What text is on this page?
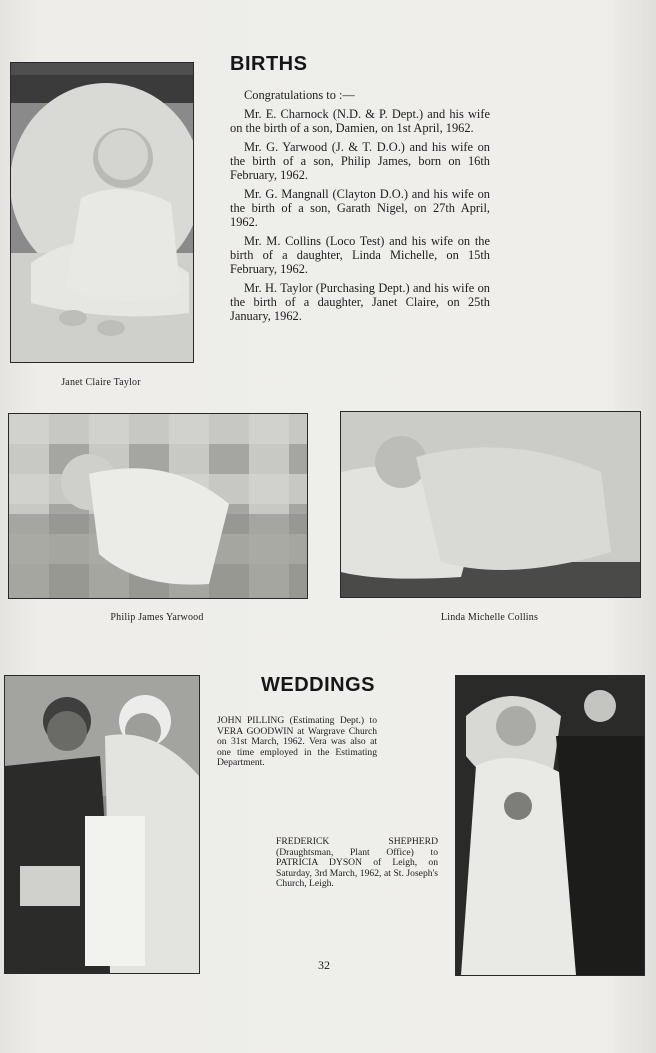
Janet Claire Taylor
BIRTHS

Congratulations to :—

Mr. E. Charnock (N.D. & P. Dept.) and his wife on the birth of a son, Damien, on 1st April, 1962.

Mr. G. Yarwood (J. & T. D.O.) and his wife on the birth of a son, Philip James, born on 16th February, 1962.

Mr. G. Mangnall (Clayton D.O.) and his wife on the birth of a son, Garath Nigel, on 27th April, 1962.

Mr. M. Collins (Loco Test) and his wife on the birth of a daughter, Linda Michelle, on 15th February, 1962.

Mr. H. Taylor (Purchasing Dept.) and his wife on the birth of a daughter, Janet Claire, on 25th January, 1962.

Philip James Yarwood	Linda Michelle Collins
WEDDINGS
JOHN PILLING (Estimating Dept.) to VERA GOODWIN at Wargrave Church on 31st March, 1962. Vera was also at one time employed in the Estimating Department.
FREDERICK SHEPHERD (Draughtsman, Plant Office) to PATRICIA DYSON of Leigh, on Saturday, 3rd March, 1962, at St. Joseph's Church, Leigh.
32
